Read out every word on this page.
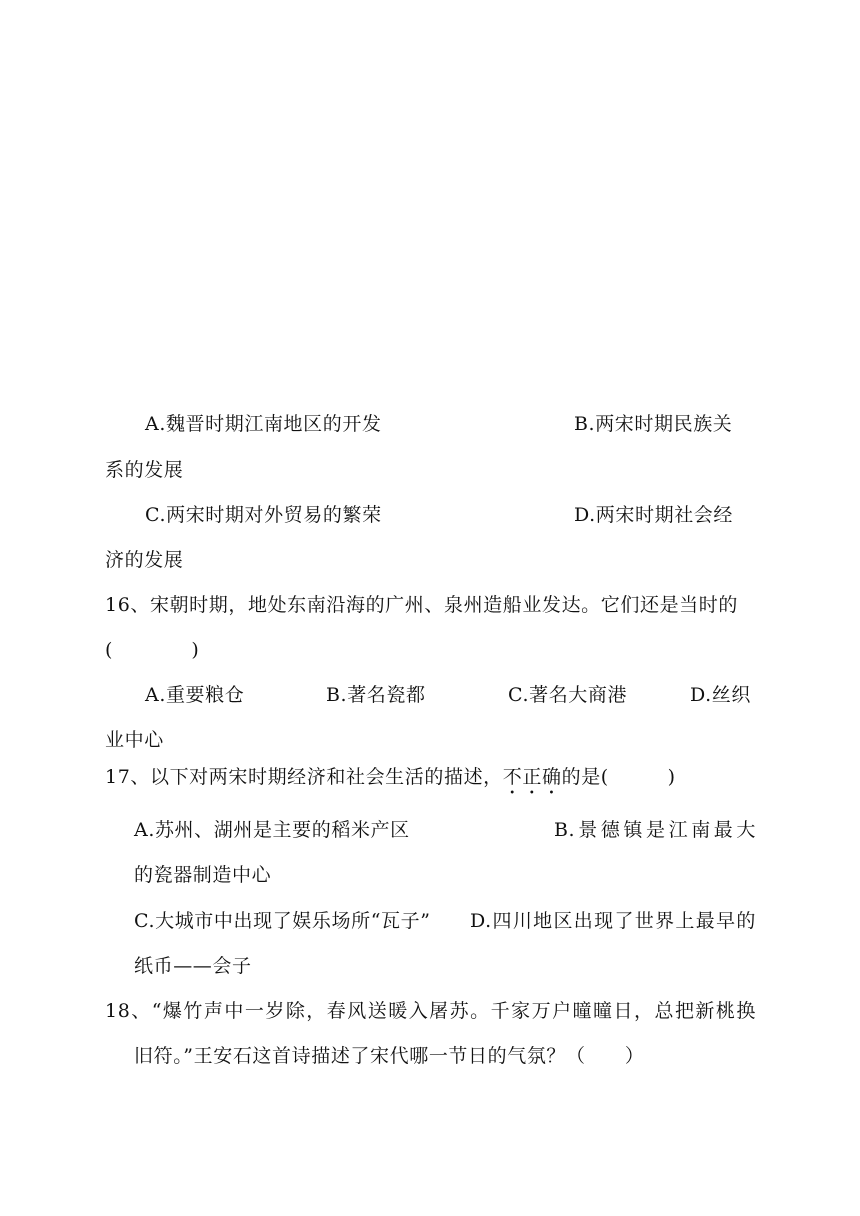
A.魏晋时期江南地区的开发	B.两宋时期民族关
系的发展
C.两宋时期对外贸易的繁荣	D.两宋时期社会经
济的发展
16、宋朝时期，地处东南沿海的广州、泉州造船业发达。它们还是当时的
(　　　　)
A.重要粮仓	B.著名瓷都	C.著名大商港	D.丝织
业中心
17、以下对两宋时期经济和社会生活的描述，不正确的是(　　　)
A.苏州、湖州是主要的稻米产区	B.景德镇是江南最大
的瓷器制造中心
C.大城市中出现了娱乐场所“瓦子” D.四川地区出现了世界上最早的
纸币——会子
18、“爆竹声中一岁除，春风送暖入屠苏。千家万户曈曈日，总把新桃换
旧符。”王安石这首诗描述了宋代哪一节日的气氛？（　　）
